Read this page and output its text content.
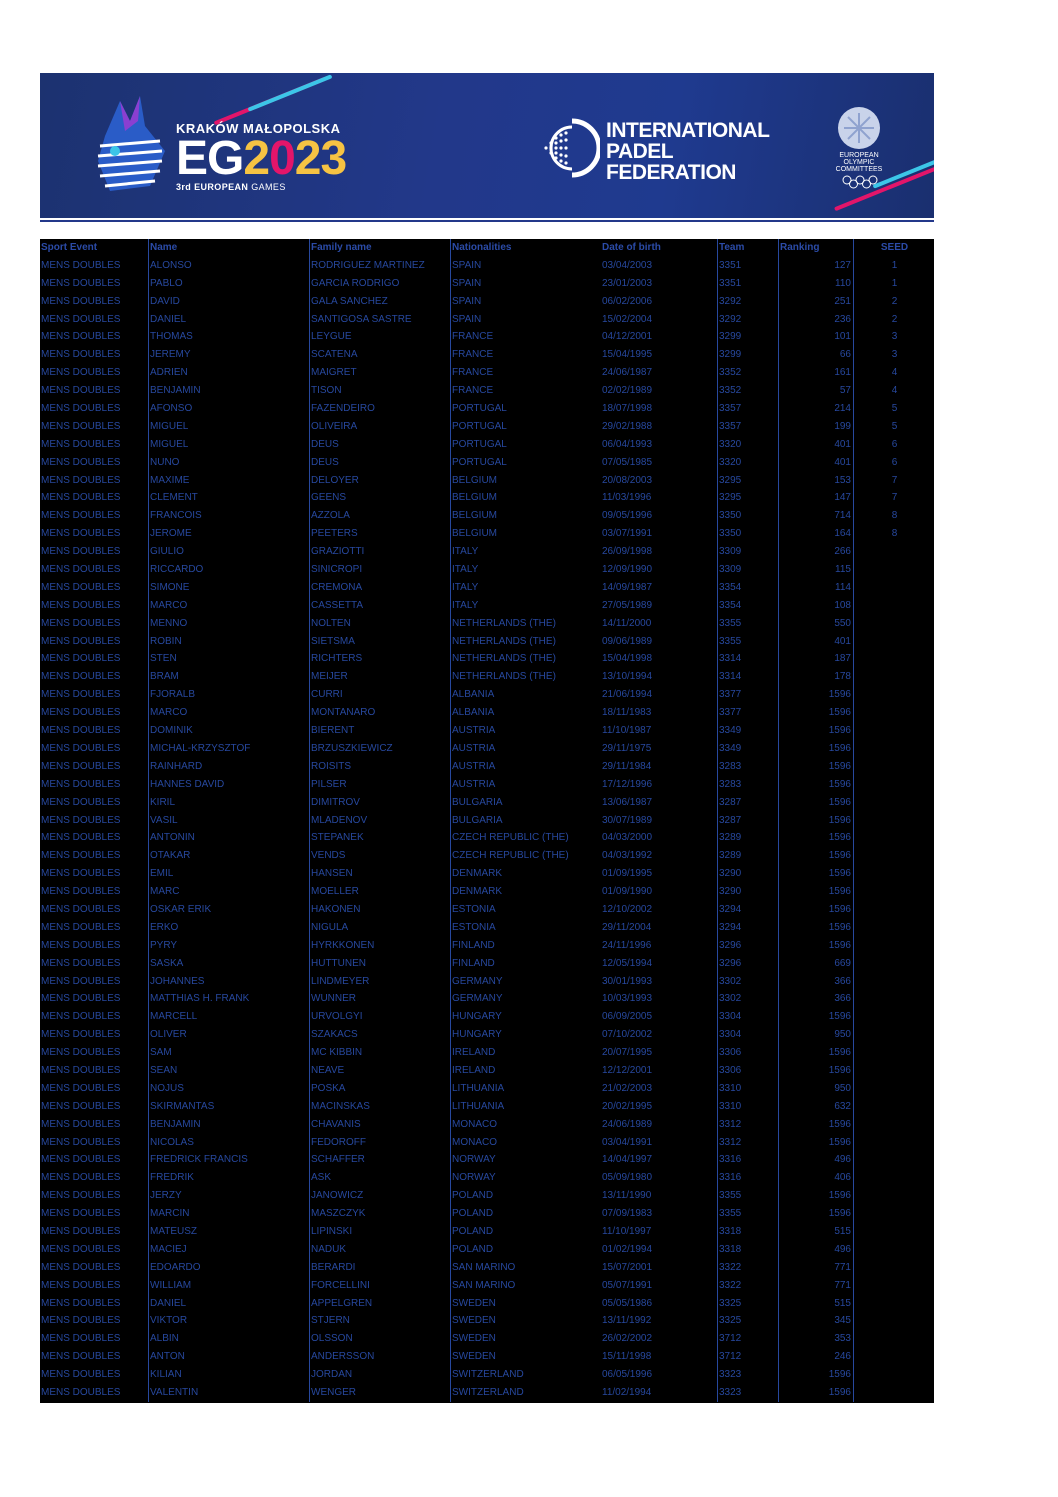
KRAKÓW MAŁOPOLSKA
EG2023
3rd EUROPEAN GAMES
INTERNATIONAL
PADEL
FEDERATION
EUROPEAN
OLYMPIC
COMMITTEES
Sport Event	Name	Family name	Nationalities	Date of birth	Team	Ranking	SEED
MENS DOUBLES	ALONSO	RODRIGUEZ MARTINEZ	SPAIN	03/04/2003	3351	127	1
MENS DOUBLES	PABLO	GARCIA RODRIGO	SPAIN	23/01/2003	3351	110	1
MENS DOUBLES	DAVID	GALA SANCHEZ	SPAIN	06/02/2006	3292	251	2
MENS DOUBLES	DANIEL	SANTIGOSA SASTRE	SPAIN	15/02/2004	3292	236	2
MENS DOUBLES	THOMAS	LEYGUE	FRANCE	04/12/2001	3299	101	3
MENS DOUBLES	JEREMY	SCATENA	FRANCE	15/04/1995	3299	66	3
MENS DOUBLES	ADRIEN	MAIGRET	FRANCE	24/06/1987	3352	161	4
MENS DOUBLES	BENJAMIN	TISON	FRANCE	02/02/1989	3352	57	4
MENS DOUBLES	AFONSO	FAZENDEIRO	PORTUGAL	18/07/1998	3357	214	5
MENS DOUBLES	MIGUEL	OLIVEIRA	PORTUGAL	29/02/1988	3357	199	5
MENS DOUBLES	MIGUEL	DEUS	PORTUGAL	06/04/1993	3320	401	6
MENS DOUBLES	NUNO	DEUS	PORTUGAL	07/05/1985	3320	401	6
MENS DOUBLES	MAXIME	DELOYER	BELGIUM	20/08/2003	3295	153	7
MENS DOUBLES	CLEMENT	GEENS	BELGIUM	11/03/1996	3295	147	7
MENS DOUBLES	FRANCOIS	AZZOLA	BELGIUM	09/05/1996	3350	714	8
MENS DOUBLES	JEROME	PEETERS	BELGIUM	03/07/1991	3350	164	8
MENS DOUBLES	GIULIO	GRAZIOTTI	ITALY	26/09/1998	3309	266
MENS DOUBLES	RICCARDO	SINICROPI	ITALY	12/09/1990	3309	115
MENS DOUBLES	SIMONE	CREMONA	ITALY	14/09/1987	3354	114
MENS DOUBLES	MARCO	CASSETTA	ITALY	27/05/1989	3354	108
MENS DOUBLES	MENNO	NOLTEN	NETHERLANDS (THE)	14/11/2000	3355	550
MENS DOUBLES	ROBIN	SIETSMA	NETHERLANDS (THE)	09/06/1989	3355	401
MENS DOUBLES	STEN	RICHTERS	NETHERLANDS (THE)	15/04/1998	3314	187
MENS DOUBLES	BRAM	MEIJER	NETHERLANDS (THE)	13/10/1994	3314	178
MENS DOUBLES	FJORALB	CURRI	ALBANIA	21/06/1994	3377	1596
MENS DOUBLES	MARCO	MONTANARO	ALBANIA	18/11/1983	3377	1596
MENS DOUBLES	DOMINIK	BIERENT	AUSTRIA	11/10/1987	3349	1596
MENS DOUBLES	MICHAL-KRZYSZTOF	BRZUSZKIEWICZ	AUSTRIA	29/11/1975	3349	1596
MENS DOUBLES	RAINHARD	ROISITS	AUSTRIA	29/11/1984	3283	1596
MENS DOUBLES	HANNES DAVID	PILSER	AUSTRIA	17/12/1996	3283	1596
MENS DOUBLES	KIRIL	DIMITROV	BULGARIA	13/06/1987	3287	1596
MENS DOUBLES	VASIL	MLADENOV	BULGARIA	30/07/1989	3287	1596
MENS DOUBLES	ANTONIN	STEPANEK	CZECH REPUBLIC (THE)	04/03/2000	3289	1596
MENS DOUBLES	OTAKAR	VENDS	CZECH REPUBLIC (THE)	04/03/1992	3289	1596
MENS DOUBLES	EMIL	HANSEN	DENMARK	01/09/1995	3290	1596
MENS DOUBLES	MARC	MOELLER	DENMARK	01/09/1990	3290	1596
MENS DOUBLES	OSKAR ERIK	HAKONEN	ESTONIA	12/10/2002	3294	1596
MENS DOUBLES	ERKO	NIGULA	ESTONIA	29/11/2004	3294	1596
MENS DOUBLES	PYRY	HYRKKONEN	FINLAND	24/11/1996	3296	1596
MENS DOUBLES	SASKA	HUTTUNEN	FINLAND	12/05/1994	3296	669
MENS DOUBLES	JOHANNES	LINDMEYER	GERMANY	30/01/1993	3302	366
MENS DOUBLES	MATTHIAS H. FRANK	WUNNER	GERMANY	10/03/1993	3302	366
MENS DOUBLES	MARCELL	URVOLGYI	HUNGARY	06/09/2005	3304	1596
MENS DOUBLES	OLIVER	SZAKACS	HUNGARY	07/10/2002	3304	950
MENS DOUBLES	SAM	MC KIBBIN	IRELAND	20/07/1995	3306	1596
MENS DOUBLES	SEAN	NEAVE	IRELAND	12/12/2001	3306	1596
MENS DOUBLES	NOJUS	POSKA	LITHUANIA	21/02/2003	3310	950
MENS DOUBLES	SKIRMANTAS	MACINSKAS	LITHUANIA	20/02/1995	3310	632
MENS DOUBLES	BENJAMIN	CHAVANIS	MONACO	24/06/1989	3312	1596
MENS DOUBLES	NICOLAS	FEDOROFF	MONACO	03/04/1991	3312	1596
MENS DOUBLES	FREDRICK FRANCIS	SCHAFFER	NORWAY	14/04/1997	3316	496
MENS DOUBLES	FREDRIK	ASK	NORWAY	05/09/1980	3316	406
MENS DOUBLES	JERZY	JANOWICZ	POLAND	13/11/1990	3355	1596
MENS DOUBLES	MARCIN	MASZCZYK	POLAND	07/09/1983	3355	1596
MENS DOUBLES	MATEUSZ	LIPINSKI	POLAND	11/10/1997	3318	515
MENS DOUBLES	MACIEJ	NADUK	POLAND	01/02/1994	3318	496
MENS DOUBLES	EDOARDO	BERARDI	SAN MARINO	15/07/2001	3322	771
MENS DOUBLES	WILLIAM	FORCELLINI	SAN MARINO	05/07/1991	3322	771
MENS DOUBLES	DANIEL	APPELGREN	SWEDEN	05/05/1986	3325	515
MENS DOUBLES	VIKTOR	STJERN	SWEDEN	13/11/1992	3325	345
MENS DOUBLES	ALBIN	OLSSON	SWEDEN	26/02/2002	3712	353
MENS DOUBLES	ANTON	ANDERSSON	SWEDEN	15/11/1998	3712	246
MENS DOUBLES	KILIAN	JORDAN	SWITZERLAND	06/05/1996	3323	1596
MENS DOUBLES	VALENTIN	WENGER	SWITZERLAND	11/02/1994	3323	1596
